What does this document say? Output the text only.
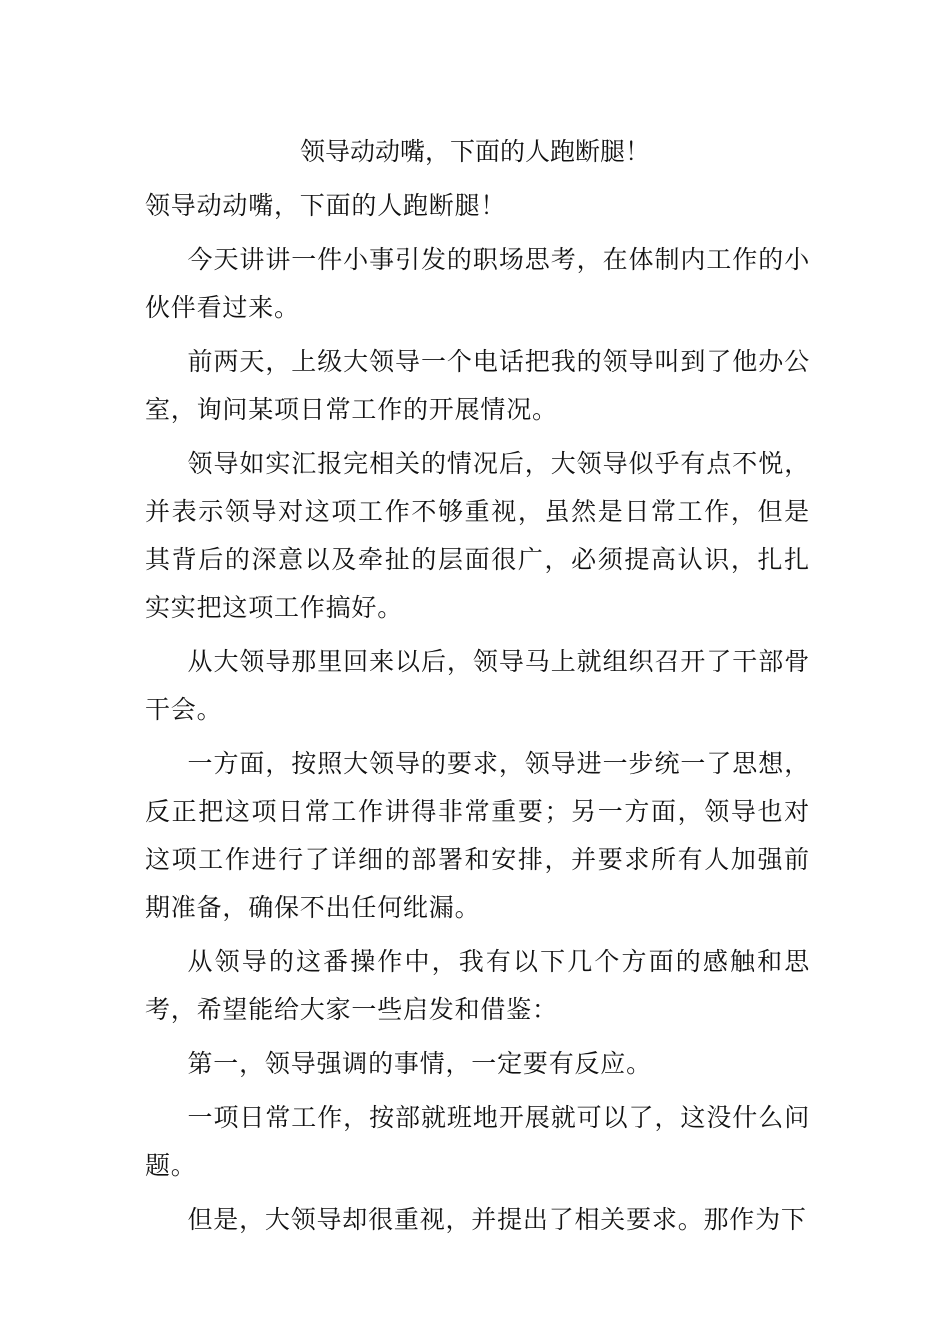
领导动动嘴，下面的人跑断腿！

领导动动嘴，下面的人跑断腿！

今天讲讲一件小事引发的职场思考，在体制内工作的小伙伴看过来。

前两天，上级大领导一个电话把我的领导叫到了他办公室，询问某项日常工作的开展情况。

领导如实汇报完相关的情况后，大领导似乎有点不悦，并表示领导对这项工作不够重视，虽然是日常工作，但是其背后的深意以及牵扯的层面很广，必须提高认识，扎扎实实把这项工作搞好。

从大领导那里回来以后，领导马上就组织召开了干部骨干会。

一方面，按照大领导的要求，领导进一步统一了思想，反正把这项日常工作讲得非常重要；另一方面，领导也对这项工作进行了详细的部署和安排，并要求所有人加强前期准备，确保不出任何纰漏。

从领导的这番操作中，我有以下几个方面的感触和思考，希望能给大家一些启发和借鉴：

第一，领导强调的事情，一定要有反应。

一项日常工作，按部就班地开展就可以了，这没什么问题。

但是，大领导却很重视，并提出了相关要求。那作为下
